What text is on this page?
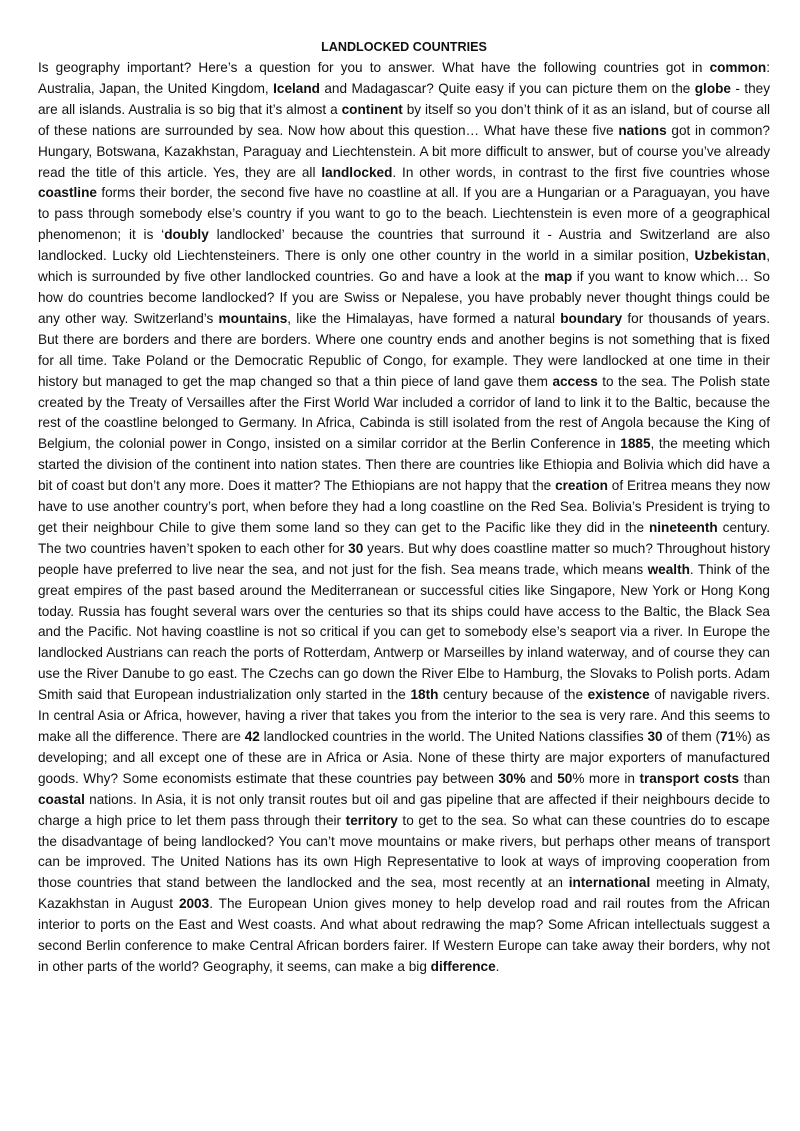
LANDLOCKED COUNTRIES

Is geography important? Here’s a question for you to answer. What have the following countries got in common: Australia, Japan, the United Kingdom, Iceland and Madagascar? Quite easy if you can picture them on the globe - they are all islands. Australia is so big that it’s almost a continent by itself so you don’t think of it as an island, but of course all of these nations are surrounded by sea. Now how about this question… What have these five nations got in common? Hungary, Botswana, Kazakhstan, Paraguay and Liechtenstein. A bit more difficult to answer, but of course you’ve already read the title of this article. Yes, they are all landlocked. In other words, in contrast to the first five countries whose coastline forms their border, the second five have no coastline at all. If you are a Hungarian or a Paraguayan, you have to pass through somebody else’s country if you want to go to the beach. Liechtenstein is even more of a geographical phenomenon; it is ‘doubly landlocked’ because the countries that surround it - Austria and Switzerland are also landlocked. Lucky old Liechtensteiners. There is only one other country in the world in a similar position, Uzbekistan, which is surrounded by five other landlocked countries. Go and have a look at the map if you want to know which… So how do countries become landlocked? If you are Swiss or Nepalese, you have probably never thought things could be any other way. Switzerland’s mountains, like the Himalayas, have formed a natural boundary for thousands of years. But there are borders and there are borders. Where one country ends and another begins is not something that is fixed for all time. Take Poland or the Democratic Republic of Congo, for example. They were landlocked at one time in their history but managed to get the map changed so that a thin piece of land gave them access to the sea. The Polish state created by the Treaty of Versailles after the First World War included a corridor of land to link it to the Baltic, because the rest of the coastline belonged to Germany. In Africa, Cabinda is still isolated from the rest of Angola because the King of Belgium, the colonial power in Congo, insisted on a similar corridor at the Berlin Conference in 1885, the meeting which started the division of the continent into nation states. Then there are countries like Ethiopia and Bolivia which did have a bit of coast but don’t any more. Does it matter? The Ethiopians are not happy that the creation of Eritrea means they now have to use another country’s port, when before they had a long coastline on the Red Sea. Bolivia’s President is trying to get their neighbour Chile to give them some land so they can get to the Pacific like they did in the nineteenth century. The two countries haven’t spoken to each other for 30 years. But why does coastline matter so much? Throughout history people have preferred to live near the sea, and not just for the fish. Sea means trade, which means wealth. Think of the great empires of the past based around the Mediterranean or successful cities like Singapore, New York or Hong Kong today. Russia has fought several wars over the centuries so that its ships could have access to the Baltic, the Black Sea and the Pacific. Not having coastline is not so critical if you can get to somebody else’s seaport via a river. In Europe the landlocked Austrians can reach the ports of Rotterdam, Antwerp or Marseilles by inland waterway, and of course they can use the River Danube to go east. The Czechs can go down the River Elbe to Hamburg, the Slovaks to Polish ports. Adam Smith said that European industrialization only started in the 18th century because of the existence of navigable rivers. In central Asia or Africa, however, having a river that takes you from the interior to the sea is very rare. And this seems to make all the difference. There are 42 landlocked countries in the world. The United Nations classifies 30 of them (71%) as developing; and all except one of these are in Africa or Asia. None of these thirty are major exporters of manufactured goods. Why? Some economists estimate that these countries pay between 30% and 50% more in transport costs than coastal nations. In Asia, it is not only transit routes but oil and gas pipeline that are affected if their neighbours decide to charge a high price to let them pass through their territory to get to the sea. So what can these countries do to escape the disadvantage of being landlocked? You can’t move mountains or make rivers, but perhaps other means of transport can be improved. The United Nations has its own High Representative to look at ways of improving cooperation from those countries that stand between the landlocked and the sea, most recently at an international meeting in Almaty, Kazakhstan in August 2003. The European Union gives money to help develop road and rail routes from the African interior to ports on the East and West coasts. And what about redrawing the map? Some African intellectuals suggest a second Berlin conference to make Central African borders fairer. If Western Europe can take away their borders, why not in other parts of the world? Geography, it seems, can make a big difference.
